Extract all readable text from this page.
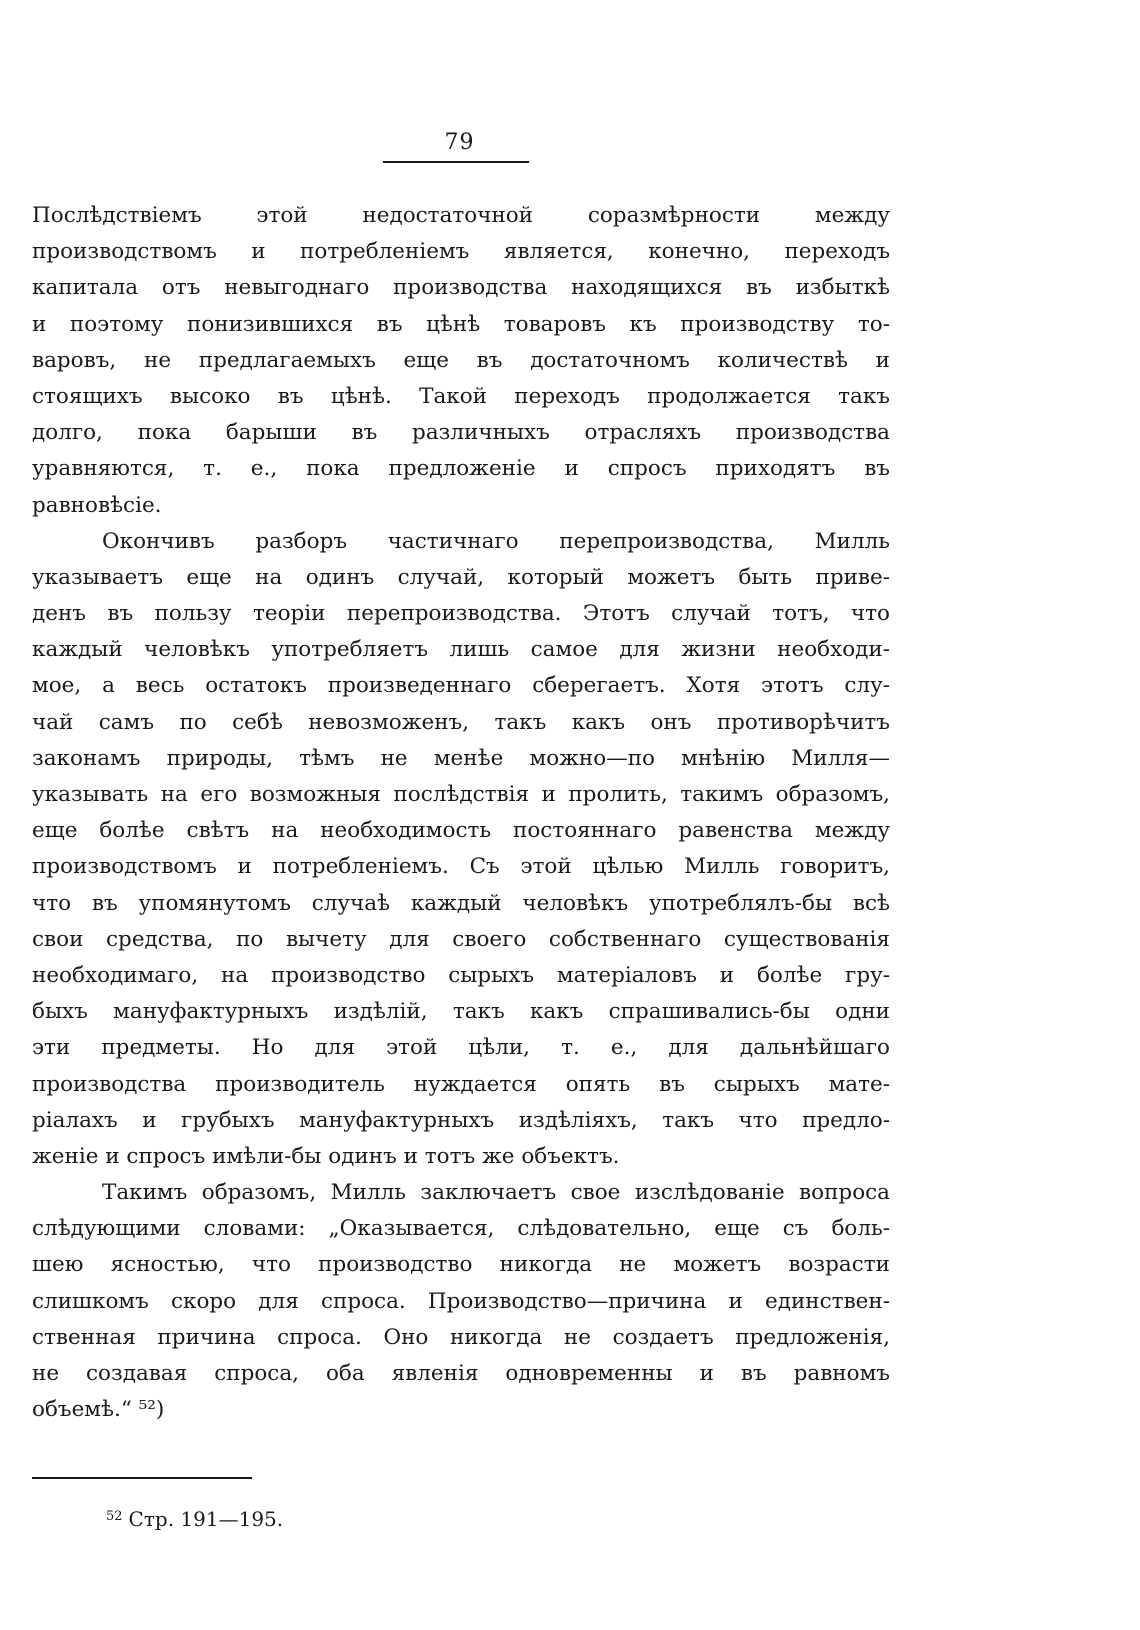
79
Послѣдствіемъ этой недостаточной соразмѣрности между
производствомъ и потребленіемъ является, конечно, переходъ
капитала отъ невыгоднаго производства находящихся въ избыткѣ
и поэтому понизившихся въ цѣнѣ товаровъ къ производству то-
варовъ, не предлагаемыхъ еще въ достаточномъ количествѣ и
стоящихъ высоко въ цѣнѣ. Такой переходъ продолжается такъ
долго, пока барыши въ различныхъ отрасляхъ производства
уравняются, т. е., пока предложеніе и спросъ приходятъ въ
равновѣсіе.
Окончивъ разборъ частичнаго перепроизводства, Милль
указываетъ еще на одинъ случай, который можетъ быть приве-
денъ въ пользу теоріи перепроизводства. Этотъ случай тотъ, что
каждый человѣкъ употребляетъ лишь самое для жизни необходи-
мое, а весь остатокъ произведеннаго сберегаетъ. Хотя этотъ слу-
чай самъ по себѣ невозможенъ, такъ какъ онъ противорѣчитъ
законамъ природы, тѣмъ не менѣе можно—по мнѣнію Милля—
указывать на его возможныя послѣдствія и пролить, такимъ образомъ,
еще болѣе свѣтъ на необходимость постояннаго равенства между
производствомъ и потребленіемъ. Съ этой цѣлью Милль говоритъ,
что въ упомянутомъ случаѣ каждый человѣкъ употреблялъ-бы всѣ
свои средства, по вычету для своего собственнаго существованія
необходимаго, на производство сырыхъ матеріаловъ и болѣе гру-
быхъ мануфактурныхъ издѣлій, такъ какъ спрашивались-бы одни
эти предметы. Но для этой цѣли, т. е., для дальнѣйшаго
производства производитель нуждается опять въ сырыхъ мате-
ріалахъ и грубыхъ мануфактурныхъ издѣліяхъ, такъ что предло-
женіе и спросъ имѣли-бы одинъ и тотъ же объектъ.
Такимъ образомъ, Милль заключаетъ свое изслѣдованіе вопроса
слѣдующими словами: „Оказывается, слѣдовательно, еще съ боль-
шею ясностью, что производство никогда не можетъ возрасти
слишкомъ скоро для спроса. Производство—причина и единствен-
ственная причина спроса. Оно никогда не создаетъ предложенія,
не создавая спроса, оба явленія одновременны и въ равномъ
объемѣ.“ ⁵²)
$^{52}$ Стр. 191—195.
